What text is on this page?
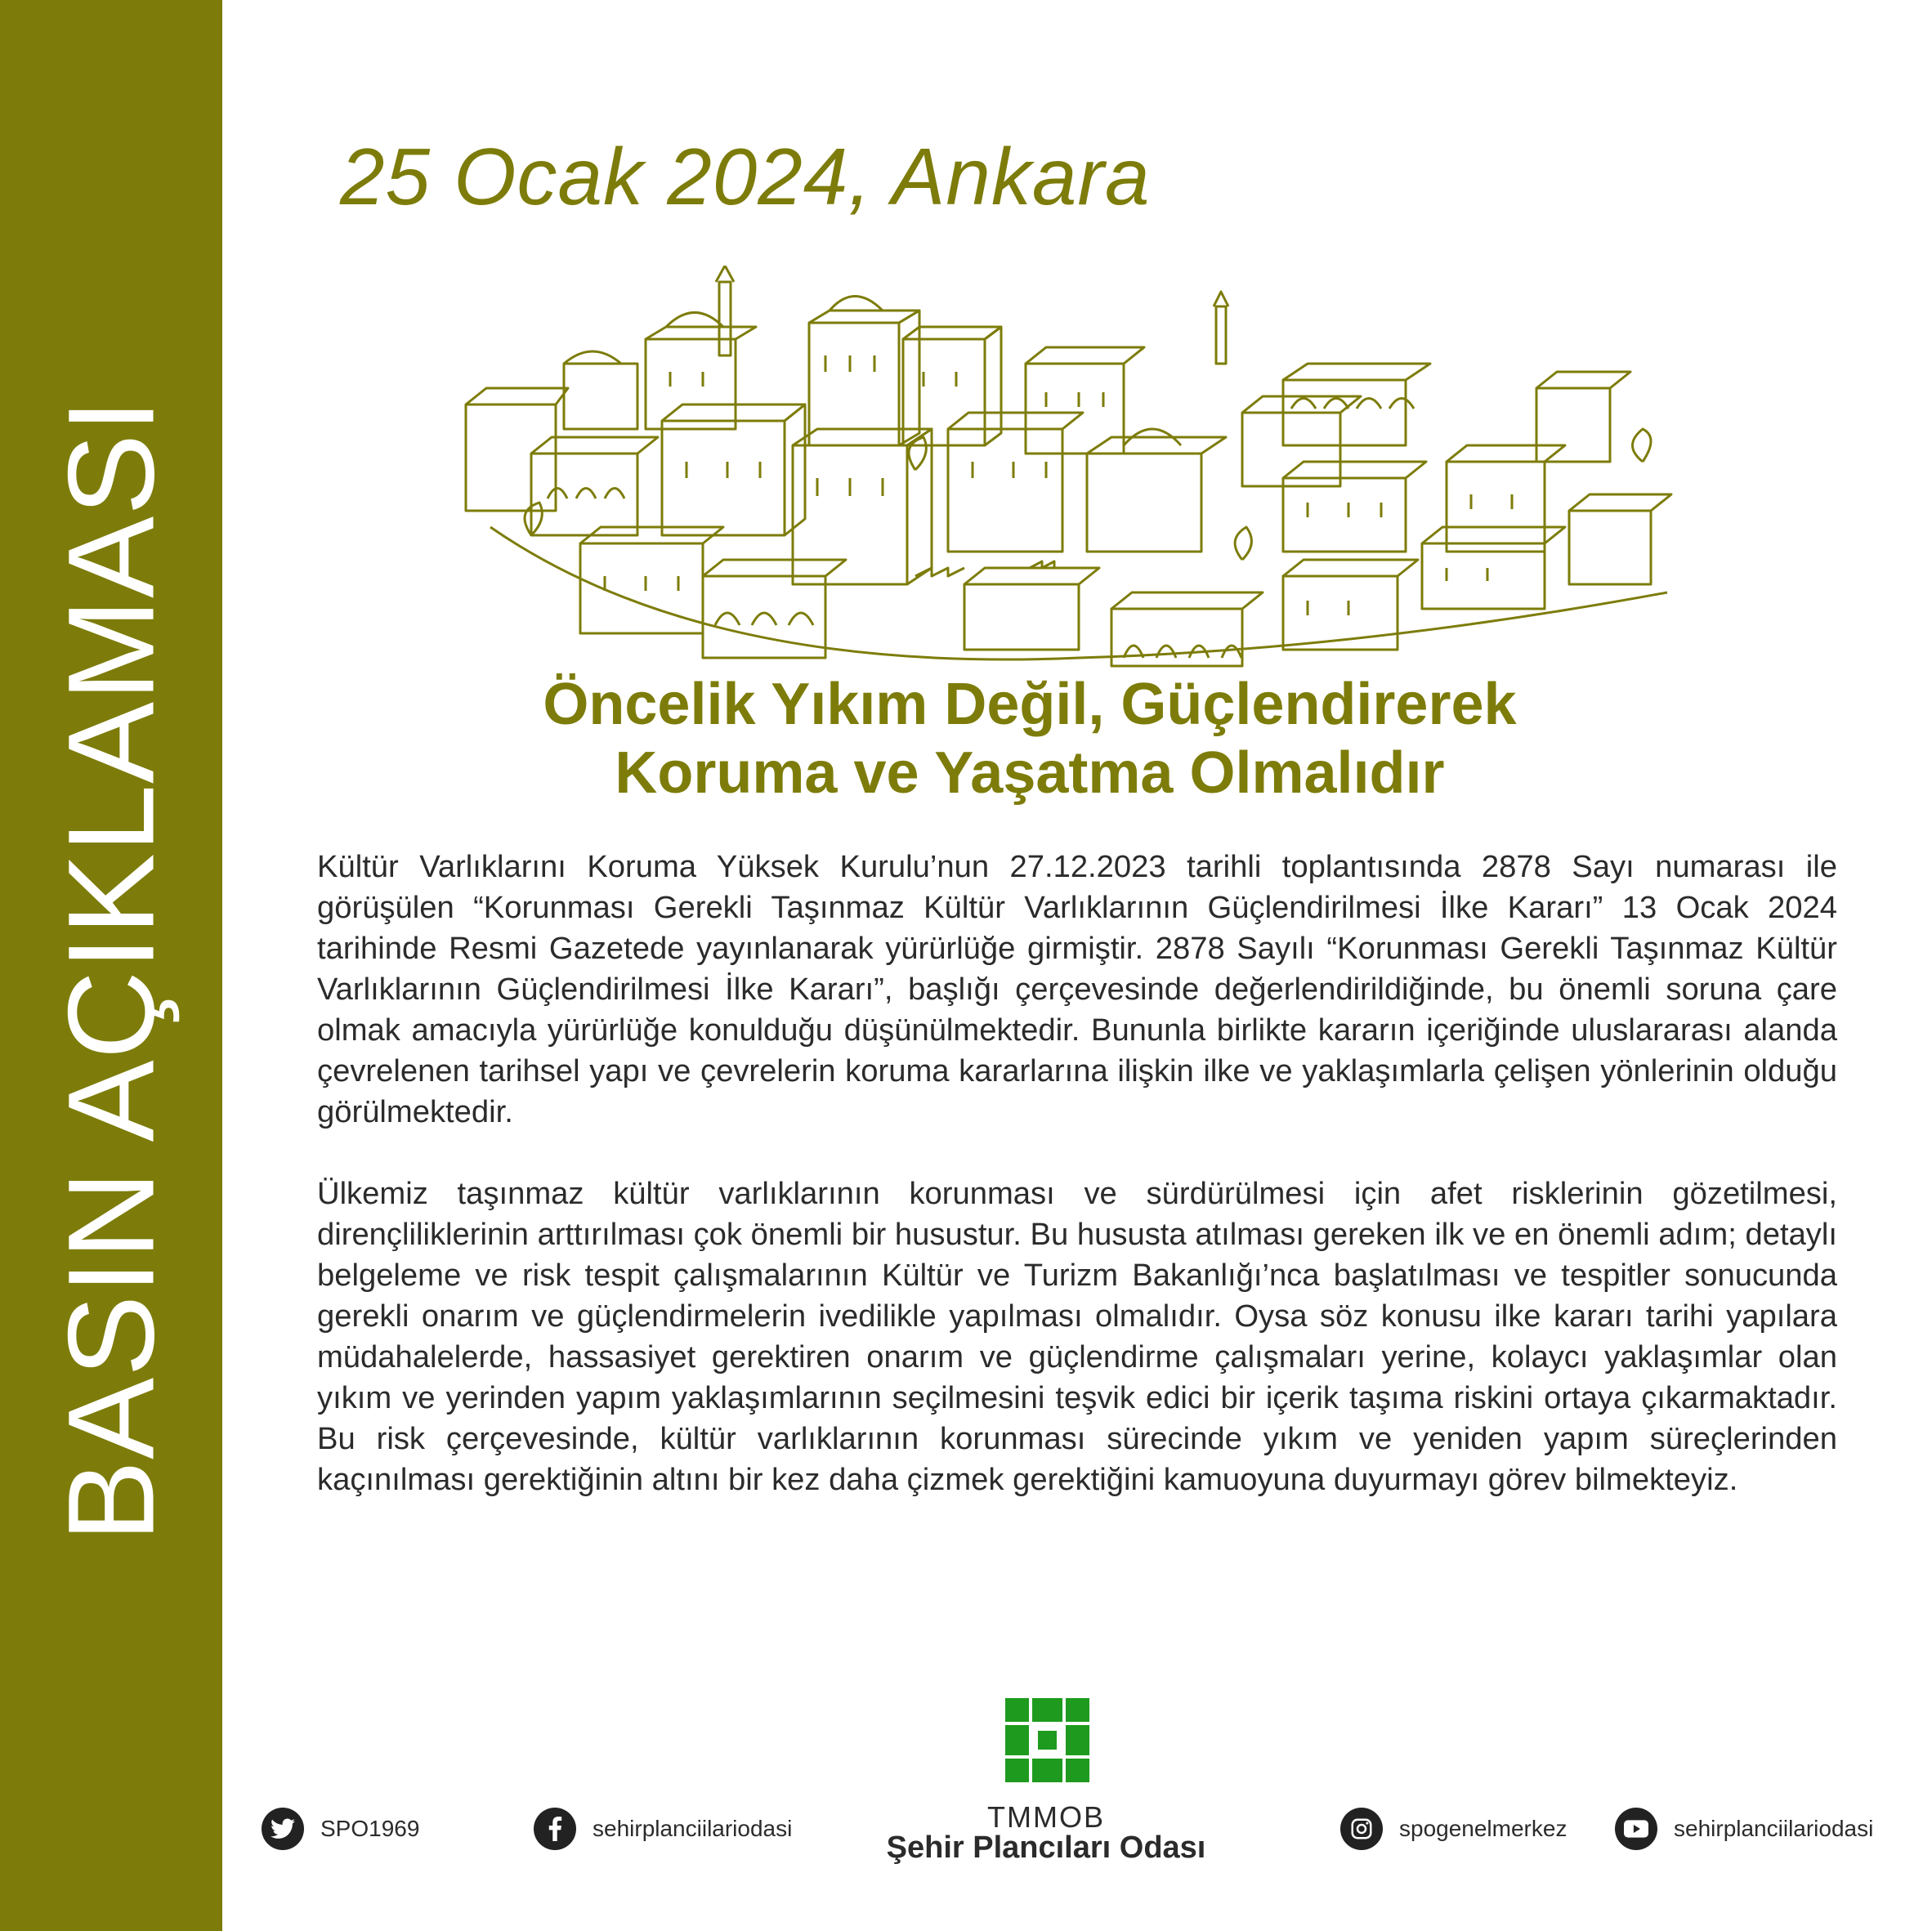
BASIN AÇIKLAMASI
25 Ocak 2024, Ankara
Öncelik Yıkım Değil, Güçlendirerek
Koruma ve Yaşatma Olmalıdır

Kültür Varlıklarını Koruma Yüksek Kurulu’nun 27.12.2023 tarihli toplantısında 2878 Sayı numarası ile görüşülen “Korunması Gerekli Taşınmaz Kültür Varlıklarının Güçlendirilmesi İlke Kararı” 13 Ocak 2024 tarihinde Resmi Gazetede yayınlanarak yürürlüğe girmiştir. 2878 Sayılı “Korunması Gerekli Taşınmaz Kültür Varlıklarının Güçlendirilmesi İlke Kararı”, başlığı çerçevesinde değerlendirildiğinde, bu önemli soruna çare olmak amacıyla yürürlüğe konulduğu düşünülmektedir. Bununla birlikte kararın içeriğinde uluslararası alanda çevrelenen tarihsel yapı ve çevrelerin koruma kararlarına ilişkin ilke ve yaklaşımlarla çelişen yönlerinin olduğu görülmektedir.

Ülkemiz taşınmaz kültür varlıklarının korunması ve sürdürülmesi için afet risklerinin gözetilmesi, dirençliliklerinin arttırılması çok önemli bir husustur. Bu hususta atılması gereken ilk ve en önemli adım; detaylı belgeleme ve risk tespit çalışmalarının Kültür ve Turizm Bakanlığı’nca başlatılması ve tespitler sonucunda gerekli onarım ve güçlendirmelerin ivedilikle yapılması olmalıdır. Oysa söz konusu ilke kararı tarihi yapılara müdahalelerde, hassasiyet gerektiren onarım ve güçlendirme çalışmaları yerine, kolaycı yaklaşımlar olan yıkım ve yerinden yapım yaklaşımlarının seçilmesini teşvik edici bir içerik taşıma riskini ortaya çıkarmaktadır. Bu risk çerçevesinde, kültür varlıklarının korunması sürecinde yıkım ve yeniden yapım süreçlerinden kaçınılması gerektiğinin altını bir kez daha çizmek gerektiğini kamuoyuna duyurmayı görev bilmekteyiz.

TMMOB
Şehir Plancıları Odası
SPO1969	sehirplanciilariodasi	spogenelmerkez	sehirplanciilariodasi
